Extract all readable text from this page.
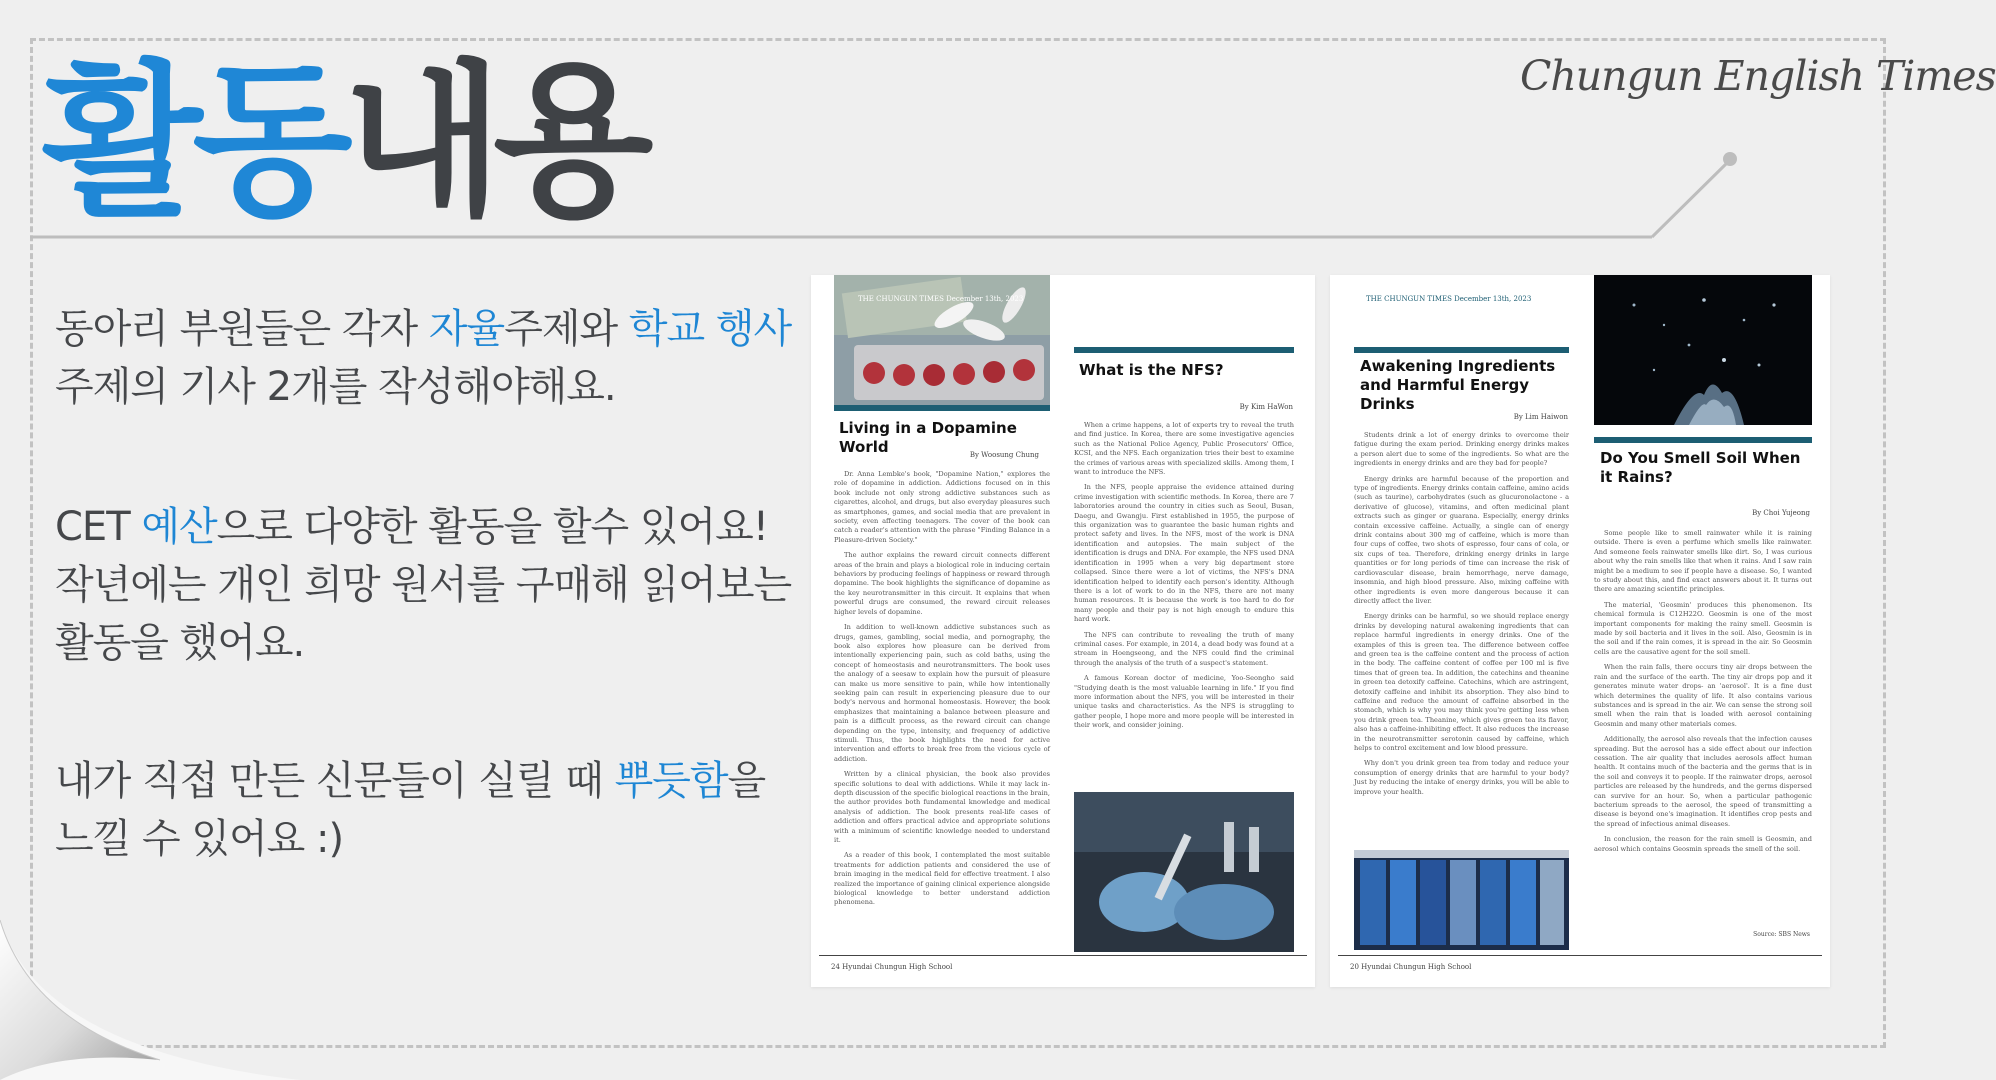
활동내용	Chungun English Times
동아리 부원들은 각자 자율주제와 학교 행사 주제의 기사 2개를 작성해야해요.
CET 예산으로 다양한 활동을 할수 있어요! 작년에는 개인 희망 원서를 구매해 읽어보는 활동을 했어요.
내가 직접 만든 신문들이 실릴 때 뿌듯함을 느낄 수 있어요 :)
THE CHUNGUN TIMES December 13th, 2023
Living in a Dopamine World	By Woosung Chung

Dr. Anna Lembke's book, "Dopamine Nation," explores the role of dopamine in addiction. Addictions focused on in this book include not only strong addictive substances such as cigarettes, alcohol, and drugs, but also everyday pleasures such as smartphones, games, and social media that are prevalent in society, even affecting teenagers. The cover of the book can catch a reader's attention with the phrase "Finding Balance in a Pleasure-driven Society."

The author explains the reward circuit connects different areas of the brain and plays a biological role in inducing certain behaviors by producing feelings of happiness or reward through dopamine. The book highlights the significance of dopamine as the key neurotransmitter in this circuit. It explains that when powerful drugs are consumed, the reward circuit releases higher levels of dopamine.

In addition to well-known addictive substances such as drugs, games, gambling, social media, and pornography, the book also explores how pleasure can be derived from intentionally experiencing pain, such as cold baths, using the concept of homeostasis and neurotransmitters. The book uses the analogy of a seesaw to explain how the pursuit of pleasure can make us more sensitive to pain, while how intentionally seeking pain can result in experiencing pleasure due to our body's nervous and hormonal homeostasis. However, the book emphasizes that maintaining a balance between pleasure and pain is a difficult process, as the reward circuit can change depending on the type, intensity, and frequency of addictive stimuli. Thus, the book highlights the need for active intervention and efforts to break free from the vicious cycle of addiction.

Written by a clinical physician, the book also provides specific solutions to deal with addictions. While it may lack in-depth discussion of the specific biological reactions in the brain, the author provides both fundamental knowledge and medical analysis of addiction. The book presents real-life cases of addiction and offers practical advice and appropriate solutions with a minimum of scientific knowledge needed to understand it.

As a reader of this book, I contemplated the most suitable treatments for addiction patients and considered the use of brain imaging in the medical field for effective treatment. I also realized the importance of gaining clinical experience alongside biological knowledge to better understand addiction phenomena.

What is the NFS?
By Kim HaWon

When a crime happens, a lot of experts try to reveal the truth and find justice. In Korea, there are some investigative agencies such as the National Police Agency, Public Prosecutors' Office, KCSI, and the NFS. Each organization tries their best to examine the crimes of various areas with specialized skills. Among them, I want to introduce the NFS.

In the NFS, people appraise the evidence attained during crime investigation with scientific methods. In Korea, there are 7 laboratories around the country in cities such as Seoul, Busan, Daegu, and Gwangju. First established in 1955, the purpose of this organization was to guarantee the basic human rights and protect safety and lives. In the NFS, most of the work is DNA identification and autopsies. The main subject of the identification is drugs and DNA. For example, the NFS used DNA identification in 1995 when a very big department store collapsed. Since there were a lot of victims, the NFS's DNA identification helped to identify each person's identity. Although there is a lot of work to do in the NFS, there are not many human resources. It is because the work is too hard to do for many people and their pay is not high enough to endure this hard work.

The NFS can contribute to revealing the truth of many criminal cases. For example, in 2014, a dead body was found at a stream in Hoengseong, and the NFS could find the criminal through the analysis of the truth of a suspect's statement.

A famous Korean doctor of medicine, Yoo-Seongho said "Studying death is the most valuable learning in life." If you find more information about the NFS, you will be interested in their unique tasks and characteristics. As the NFS is struggling to gather people, I hope more and more people will be interested in their work, and consider joining.

24 Hyundai Chungun High School
THE CHUNGUN TIMES December 13th, 2023
Awakening Ingredients and Harmful Energy Drinks
By Lim Haiwon

Students drink a lot of energy drinks to overcome their fatigue during the exam period. Drinking energy drinks makes a person alert due to some of the ingredients. So what are the ingredients in energy drinks and are they bad for people?

Energy drinks are harmful because of the proportion and type of ingredients. Energy drinks contain caffeine, amino acids (such as taurine), carbohydrates (such as glucuronolactone - a derivative of glucose), vitamins, and often medicinal plant extracts such as ginger or guarana. Especially, energy drinks contain excessive caffeine. Actually, a single can of energy drink contains about 300 mg of caffeine, which is more than four cups of coffee, two shots of espresso, four cans of cola, or six cups of tea. Therefore, drinking energy drinks in large quantities or for long periods of time can increase the risk of cardiovascular disease, brain hemorrhage, nerve damage, insomnia, and high blood pressure. Also, mixing caffeine with other ingredients is even more dangerous because it can directly affect the liver.

Energy drinks can be harmful, so we should replace energy drinks by developing natural awakening ingredients that can replace harmful ingredients in energy drinks. One of the examples of this is green tea. The difference between coffee and green tea is the caffeine content and the process of action in the body. The caffeine content of coffee per 100 ml is five times that of green tea. In addition, the catechins and theanine in green tea detoxify caffeine. Catechins, which are astringent, detoxify caffeine and inhibit its absorption. They also bind to caffeine and reduce the amount of caffeine absorbed in the stomach, which is why you may think you're getting less when you drink green tea. Theanine, which gives green tea its flavor, also has a caffeine-inhibiting effect. It also reduces the increase in the neurotransmitter serotonin caused by caffeine, which helps to control excitement and low blood pressure.

Why don't you drink green tea from today and reduce your consumption of energy drinks that are harmful to your body? Just by reducing the intake of energy drinks, you will be able to improve your health.

Do You Smell Soil When it Rains?
By Choi Yujeong

Some people like to smell rainwater while it is raining outside. There is even a perfume which smells like rainwater. And someone feels rainwater smells like dirt. So, I was curious about why the rain smells like that when it rains. And I saw rain might be a medium to see if people have a disease. So, I wanted to study about this, and find exact answers about it. It turns out there are amazing scientific principles.

The material, 'Geosmin' produces this phenomenon. Its chemical formula is C12H22O. Geosmin is one of the most important components for making the rainy smell. Geosmin is made by soil bacteria and it lives in the soil. Also, Geosmin is in the soil and if the rain comes, it is spread in the air. So Geosmin cells are the causative agent for the soil smell.

When the rain falls, there occurs tiny air drops between the rain and the surface of the earth. The tiny air drops pop and it generates minute water drops- an 'aerosol'. It is a fine dust which determines the quality of life. It also contains various substances and is spread in the air. We can sense the strong soil smell when the rain that is loaded with aerosol containing Geosmin and many other materials comes.

Additionally, the aerosol also reveals that the infection causes spreading. But the aerosol has a side effect about our infection cessation. The air quality that includes aerosols affect human health. It contains much of the bacteria and the germs that is in the soil and conveys it to people. If the rainwater drops, aerosol particles are released by the hundreds, and the germs dispersed can survive for an hour. So, when a particular pathogenic bacterium spreads to the aerosol, the speed of transmitting a disease is beyond one's imagination. It identifies crop pests and the spread of infectious animal diseases.

In conclusion, the reason for the rain smell is Geosmin, and aerosol which contains Geosmin spreads the smell of the soil.

Source: SBS News
20 Hyundai Chungun High School
